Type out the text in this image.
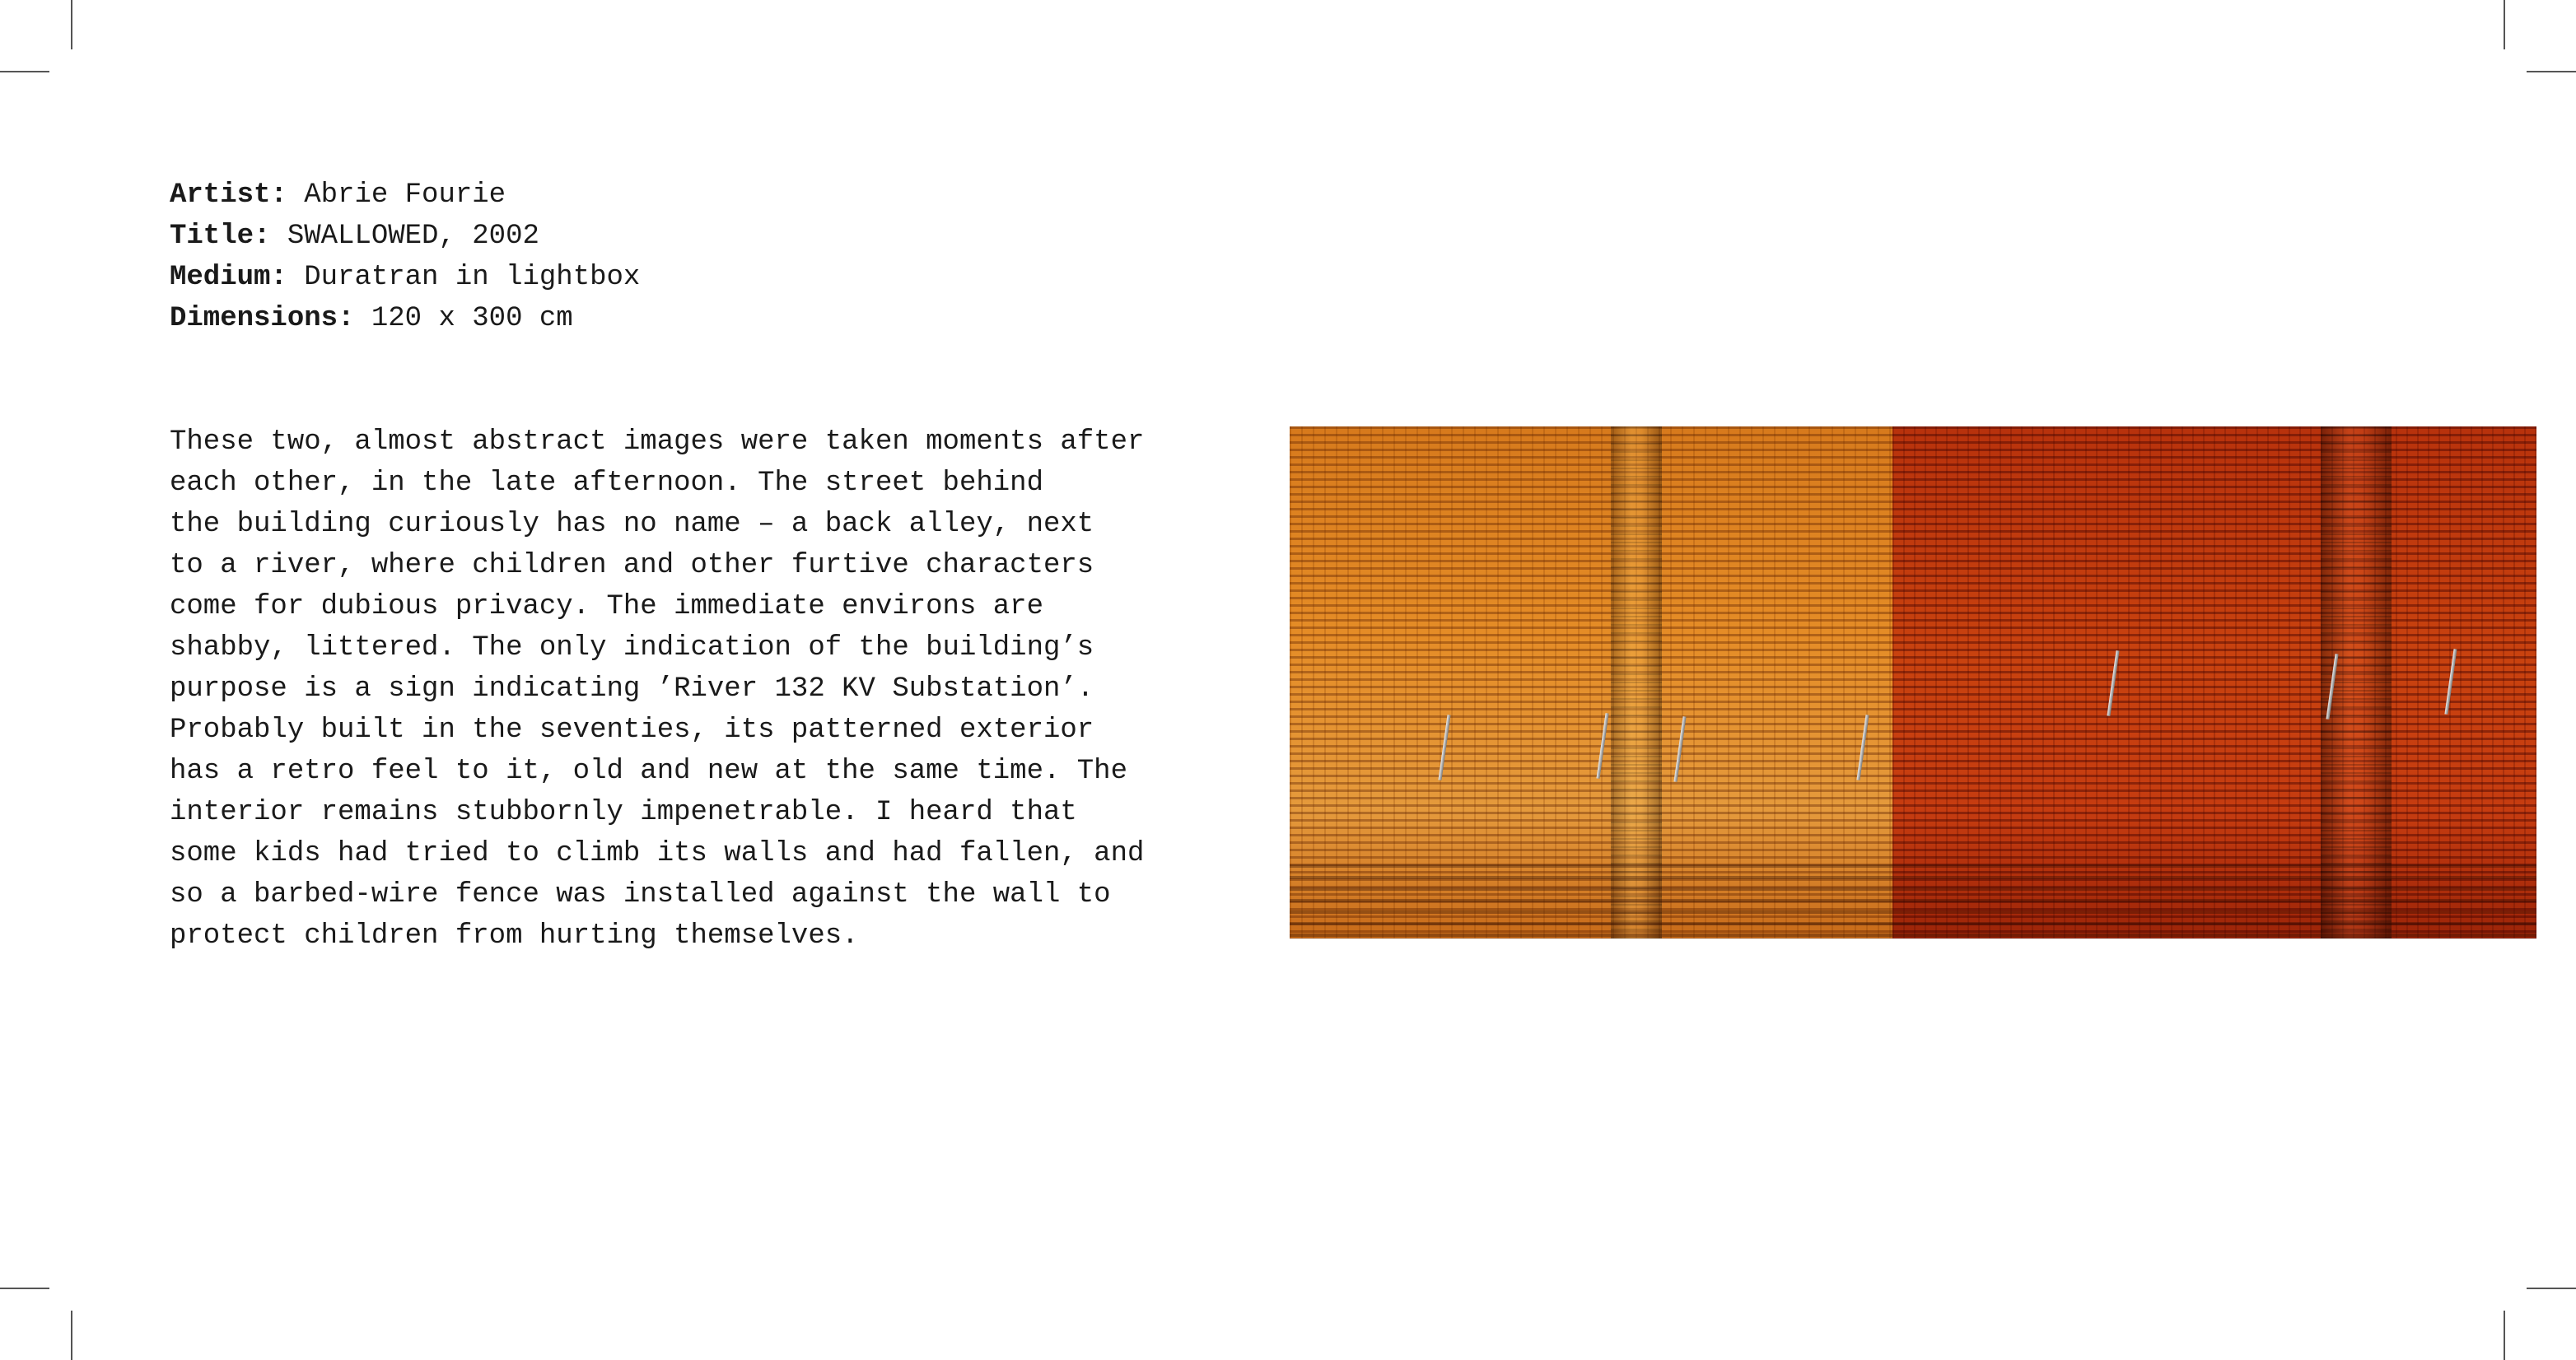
Artist: Abrie Fourie
Title: SWALLOWED, 2002
Medium: Duratran in lightbox
Dimensions: 120 x 300 cm
These two, almost abstract images were taken moments after
each other, in the late afternoon. The street behind
the building curiously has no name – a back alley, next
to a river, where children and other furtive characters
come for dubious privacy. The immediate environs are
shabby, littered. The only indication of the building’s
purpose is a sign indicating ’River 132 KV Substation’.
Probably built in the seventies, its patterned exterior
has a retro feel to it, old and new at the same time. The
interior remains stubbornly impenetrable. I heard that
some kids had tried to climb its walls and had fallen, and
so a barbed-wire fence was installed against the wall to
protect children from hurting themselves.
